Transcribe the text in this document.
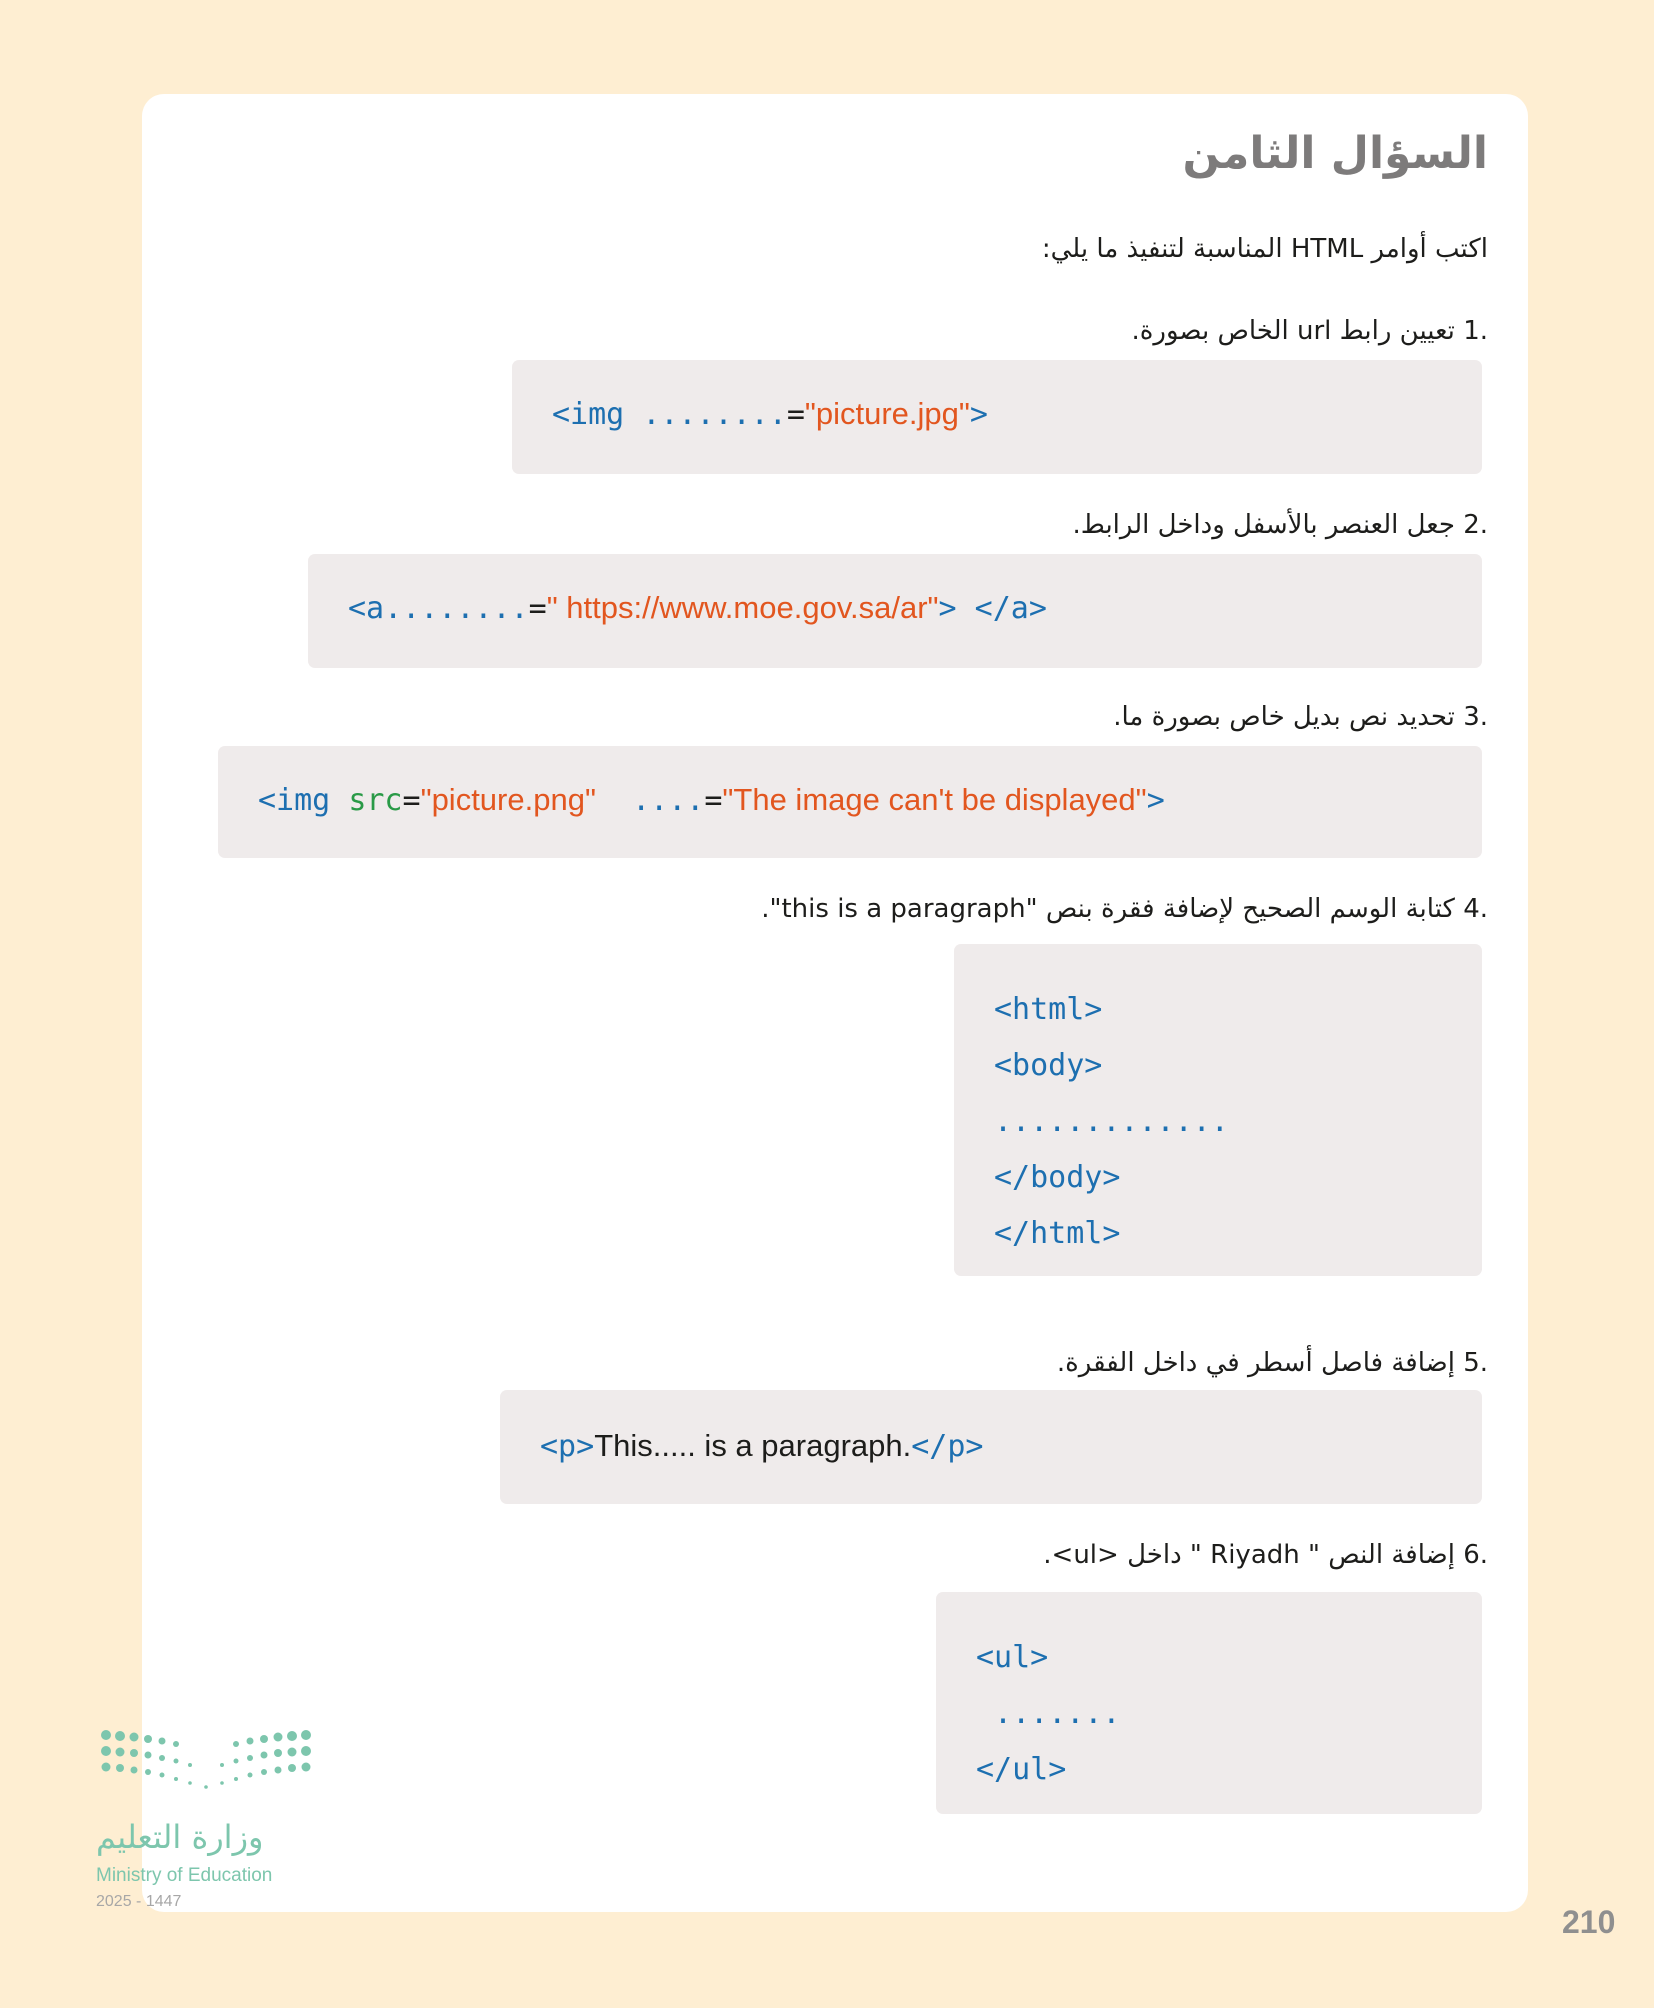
السؤال الثامن
اكتب أوامر HTML المناسبة لتنفيذ ما يلي:
.1 تعيين رابط url الخاص بصورة.
<img ........="picture.jpg">
.2 جعل العنصر بالأسفل وداخل الرابط.
<a........=" https://www.moe.gov.sa/ar"> </a>
.3 تحديد نص بديل خاص بصورة ما.
<img src="picture.png"  ....="The image can't be displayed">
.4 كتابة الوسم الصحيح لإضافة فقرة بنص "this is a paragraph".
<html>
<body>
.............
</body>
</html>
.5 إضافة فاصل أسطر في داخل الفقرة.
<p>This..... is a paragraph.</p>
.6 إضافة النص " Riyadh " داخل <ul>.
<ul>
.......
</ul>
وزارة التعليم
Ministry of Education
2025 - 1447
210
